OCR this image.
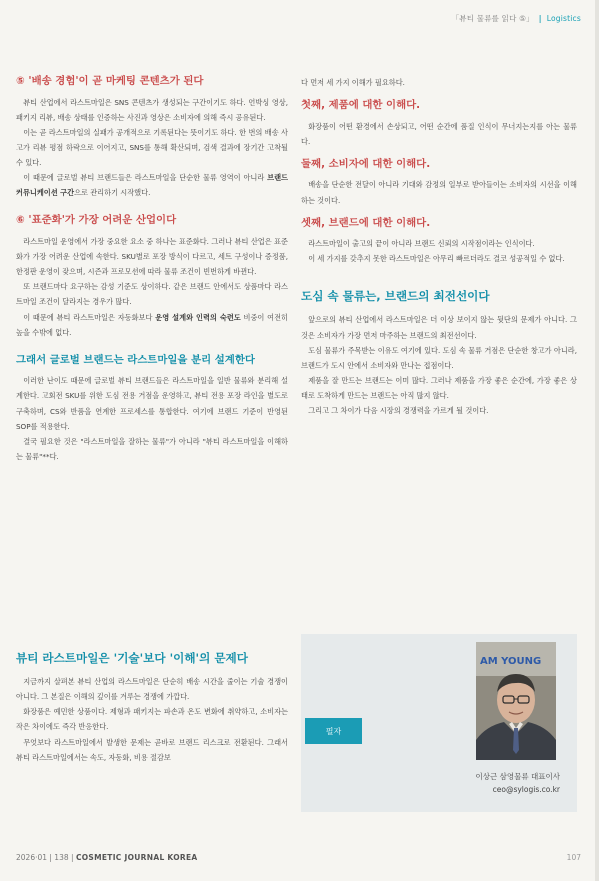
「뷰티 물류를 읽다 ⑤」 | Logistics
⑤ '배송 경험'이 곧 마케팅 콘텐츠가 된다

뷰티 산업에서 라스트마일은 SNS 콘텐츠가 생성되는 구간이기도 하다. 언박싱 영상, 패키지 리뷰, 배송 상태를 인증하는 사진과 영상은 소비자에 의해 즉시 공유된다.

이는 곧 라스트마일의 실패가 공개적으로 기록된다는 뜻이기도 하다. 한 번의 배송 사고가 리뷰 평점 하락으로 이어지고, SNS를 통해 확산되며, 검색 결과에 장기간 고착될 수 있다.

이 때문에 글로벌 뷰티 브랜드들은 라스트마일을 단순한 물류 영역이 아니라 브랜드 커뮤니케이션 구간으로 관리하기 시작했다.

⑥ '표준화'가 가장 어려운 산업이다

라스트마일 운영에서 가장 중요한 요소 중 하나는 표준화다. 그러나 뷰티 산업은 표준화가 가장 어려운 산업에 속한다. SKU별로 포장 방식이 다르고, 세트 구성이나 증정품, 한정판 운영이 잦으며, 시즌과 프로모션에 따라 물류 조건이 빈번하게 바뀐다.

또 브랜드마다 요구하는 감성 기준도 상이하다. 같은 브랜드 안에서도 상품마다 라스트마일 조건이 달라지는 경우가 많다.

이 때문에 뷰티 라스트마일은 자동화보다 운영 설계와 인력의 숙련도 비중이 여전히 높을 수밖에 없다.

그래서 글로벌 브랜드는 라스트마일을 분리 설계한다

이러한 난이도 때문에 글로벌 뷰티 브랜드들은 라스트마일을 일반 물류와 분리해 설계한다. 고회전 SKU를 위한 도심 전용 거점을 운영하고, 뷰티 전용 포장 라인을 별도로 구축하며, CS와 반품을 연계한 프로세스를 통합한다. 여기에 브랜드 기준이 반영된 SOP를 적용한다.

결국 필요한 것은 "라스트마일을 잘하는 물류"가 아니라 "뷰티 라스트마일을 이해하는 물류"**다.

뷰티 라스트마일은 '기술'보다 '이해'의 문제다

지금까지 살펴본 뷰티 산업의 라스트마일은 단순히 배송 시간을 줄이는 기술 경쟁이 아니다. 그 본질은 이해의 깊이를 겨루는 경쟁에 가깝다.

화장품은 예민한 상품이다. 제형과 패키지는 파손과 온도 변화에 취약하고, 소비자는 작은 차이에도 즉각 반응한다.

무엇보다 라스트마일에서 발생한 문제는 곧바로 브랜드 리스크로 전환된다. 그래서 뷰티 라스트마일에서는 속도, 자동화, 비용 절감보

다 먼저 세 가지 이해가 필요하다.

첫째, 제품에 대한 이해다.

화장품이 어떤 환경에서 손상되고, 어떤 순간에 품질 인식이 무너지는지를 아는 물류다.

둘째, 소비자에 대한 이해다.

배송을 단순한 전달이 아니라 기대와 감정의 일부로 받아들이는 소비자의 시선을 이해하는 것이다.

셋째, 브랜드에 대한 이해다.

라스트마일이 출고의 끝이 아니라 브랜드 신뢰의 시작점이라는 인식이다.

이 세 가지를 갖추지 못한 라스트마일은 아무리 빠르더라도 결코 성공적일 수 없다.

도심 속 물류는, 브랜드의 최전선이다

앞으로의 뷰티 산업에서 라스트마일은 더 이상 보이지 않는 뒷단의 문제가 아니다. 그것은 소비자가 가장 먼저 마주하는 브랜드의 최전선이다.

도심 물류가 주목받는 이유도 여기에 있다. 도심 속 물류 거점은 단순한 창고가 아니라, 브랜드가 도시 안에서 소비자와 만나는 접점이다.

제품을 잘 만드는 브랜드는 이미 많다. 그러나 제품을 가장 좋은 순간에, 가장 좋은 상태로 도착하게 만드는 브랜드는 아직 많지 않다.

그리고 그 차이가 다음 시장의 경쟁력을 가르게 될 것이다.

필자
AM YOUNG
이상근 삼영물류 대표이사
ceo@sylogis.co.kr
2026·01 | 138 | COSMETIC JOURNAL KOREA	107
